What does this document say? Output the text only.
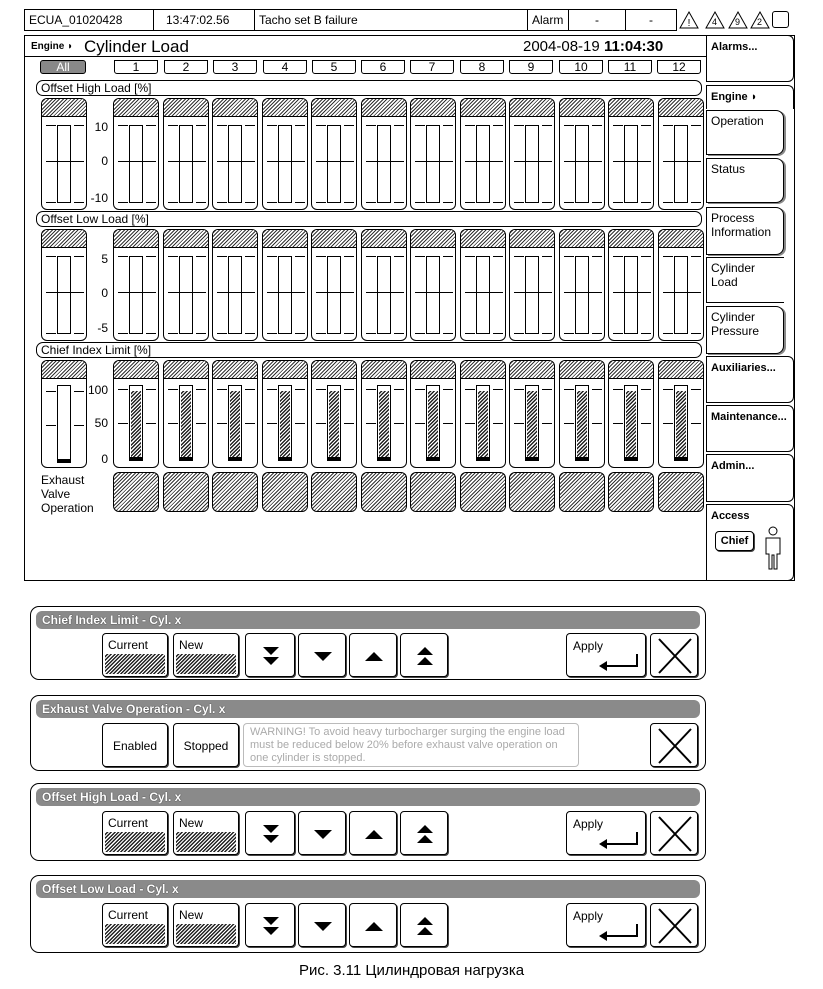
ECUA_01020428	13:47:02.56	Tacho set B failure	Alarm	-	-	! 4 9 2
Engine ◗ Cylinder Load	2004-08-19 11:04:30
All	1	2	3	4	5	6	7	8	9	10	11	12
Offset High Load [%]
Offset Low Load [%]
Chief Index Limit [%]
10
0
-10
5
0
-5
100
50
0
Exhaust
Valve
Operation
Alarms...
Engine ◗
Operation
Status
Process
Information
Cylinder
Load
Cylinder
Pressure
Auxiliaries...
Maintenance...
Admin...
Access
Chief
Chief Index Limit - Cyl. x
Current	New	Apply
Exhaust Valve Operation - Cyl. x
Enabled	Stopped
WARNING! To avoid heavy turbocharger surging the engine load must be reduced below 20% before exhaust valve operation on one cylinder is stopped.
Offset High Load - Cyl. x
Current	New	Apply
Offset Low Load - Cyl. x
Current	New	Apply
Рис. 3.11 Цилиндровая нагрузка
